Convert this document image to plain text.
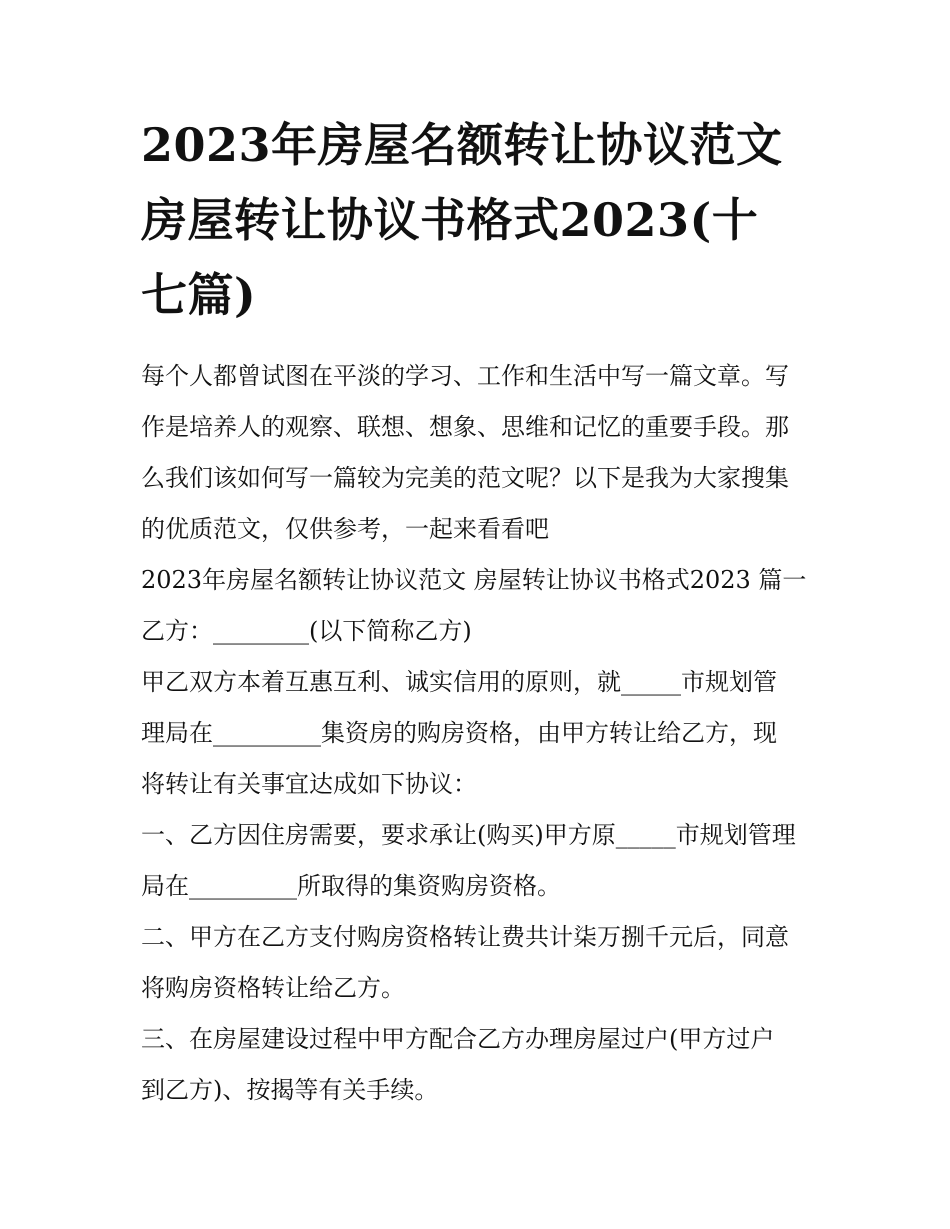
2023年房屋名额转让协议范文
房屋转让协议书格式2023(十
七篇)

每个人都曾试图在平淡的学习、工作和生活中写一篇文章。写
作是培养人的观察、联想、想象、思维和记忆的重要手段。那
么我们该如何写一篇较为完美的范文呢？以下是我为大家搜集
的优质范文，仅供参考，一起来看看吧

2023年房屋名额转让协议范文 房屋转让协议书格式2023 篇一

乙方：________(以下简称乙方)

甲乙双方本着互惠互利、诚实信用的原则，就_____市规划管
理局在_________集资房的购房资格，由甲方转让给乙方，现
将转让有关事宜达成如下协议：

一、乙方因住房需要，要求承让(购买)甲方原_____市规划管理
局在_________所取得的集资购房资格。

二、甲方在乙方支付购房资格转让费共计柒万捌千元后，同意
将购房资格转让给乙方。

三、在房屋建设过程中甲方配合乙方办理房屋过户(甲方过户
到乙方)、按揭等有关手续。
